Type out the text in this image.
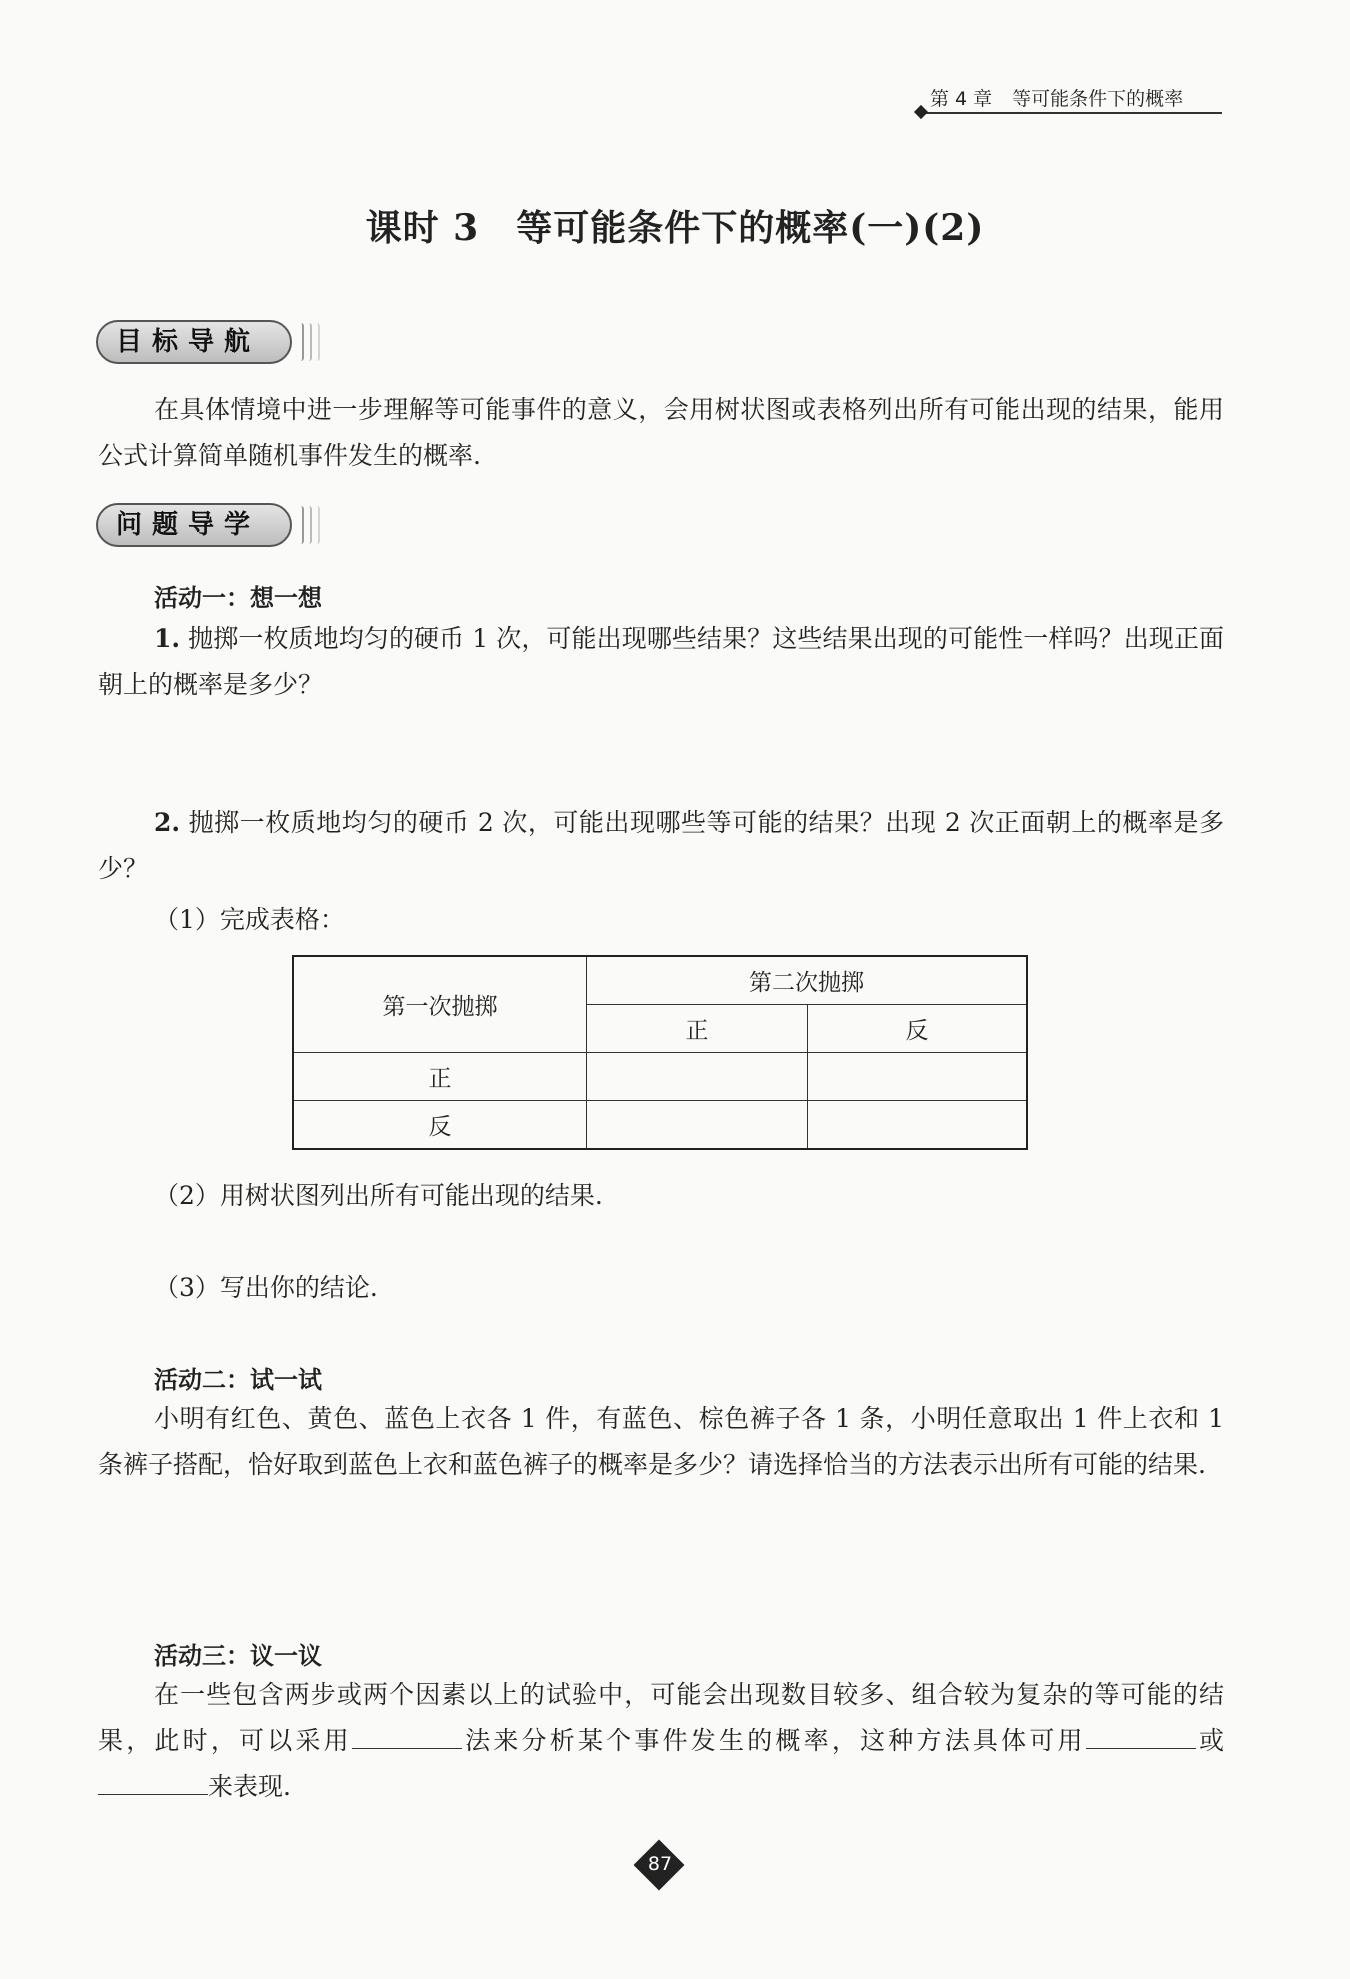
第 4 章 等可能条件下的概率
课时 3　等可能条件下的概率(一)(2)
目标导航
在具体情境中进一步理解等可能事件的意义，会用树状图或表格列出所有可能出现的结果，能用公式计算简单随机事件发生的概率.
问题导学
活动一：想一想
1. 抛掷一枚质地均匀的硬币 1 次，可能出现哪些结果？这些结果出现的可能性一样吗？出现正面朝上的概率是多少？
2. 抛掷一枚质地均匀的硬币 2 次，可能出现哪些等可能的结果？出现 2 次正面朝上的概率是多少？
（1）完成表格：
第一次抛掷	第二次抛掷	
	正	反
正		
反		
（2）用树状图列出所有可能出现的结果.
（3）写出你的结论.
活动二：试一试
小明有红色、黄色、蓝色上衣各 1 件，有蓝色、棕色裤子各 1 条，小明任意取出 1 件上衣和 1 条裤子搭配，恰好取到蓝色上衣和蓝色裤子的概率是多少？请选择恰当的方法表示出所有可能的结果.
活动三：议一议
在一些包含两步或两个因素以上的试验中，可能会出现数目较多、组合较为复杂的等可能的结果，此时，可以采用	法来分析某个事件发生的概率，这种方法具体可用	或来表现.
87
